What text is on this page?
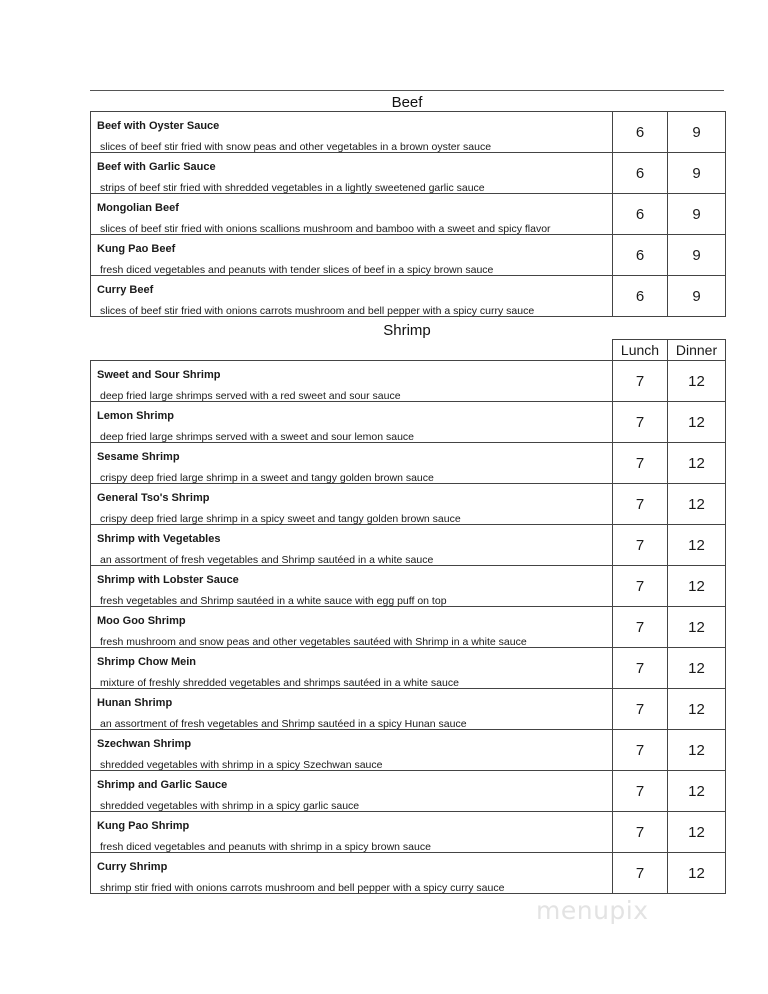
Beef
Beef with Oyster Sauce
slices of beef stir fried with snow peas and other vegetables in a brown oyster sauce	6	9

Beef with Garlic Sauce
strips of beef stir fried with shredded vegetables in a lightly sweetened garlic sauce	6	9

Mongolian Beef
slices of beef stir fried with onions scallions mushroom and bamboo with a sweet and spicy flavor	6	9

Kung Pao Beef
fresh diced vegetables and peanuts with tender slices of beef in a spicy brown sauce	6	9

Curry Beef
slices of beef stir fried with onions carrots mushroom and bell pepper with a spicy curry sauce	6	9
Shrimp
	Lunch	Dinner

Sweet and Sour Shrimp
deep fried large shrimps served with a red sweet and sour sauce	7	12

Lemon Shrimp
deep fried large shrimps served with a sweet and sour lemon sauce	7	12

Sesame Shrimp
crispy deep fried large shrimp in a sweet and tangy golden brown sauce	7	12

General Tso's Shrimp
crispy deep fried large shrimp in a spicy sweet and tangy golden brown sauce	7	12

Shrimp with Vegetables
an assortment of fresh vegetables and Shrimp sautéed in a white sauce	7	12

Shrimp with Lobster Sauce
fresh vegetables and Shrimp sautéed in a white sauce with egg puff on top	7	12

Moo Goo Shrimp
fresh mushroom and snow peas and other vegetables sautéed with Shrimp in a white sauce	7	12

Shrimp Chow Mein
mixture of freshly shredded vegetables and shrimps sautéed in a white sauce	7	12

Hunan Shrimp
an assortment of fresh vegetables and Shrimp sautéed in a spicy Hunan sauce	7	12

Szechwan Shrimp
shredded vegetables with shrimp in a spicy Szechwan sauce	7	12

Shrimp and Garlic Sauce
shredded vegetables with shrimp in a spicy garlic sauce	7	12

Kung Pao Shrimp
fresh diced vegetables and peanuts with shrimp in a spicy brown sauce	7	12

Curry Shrimp
shrimp stir fried with onions carrots mushroom and bell pepper with a spicy curry sauce	7	12
menupix
